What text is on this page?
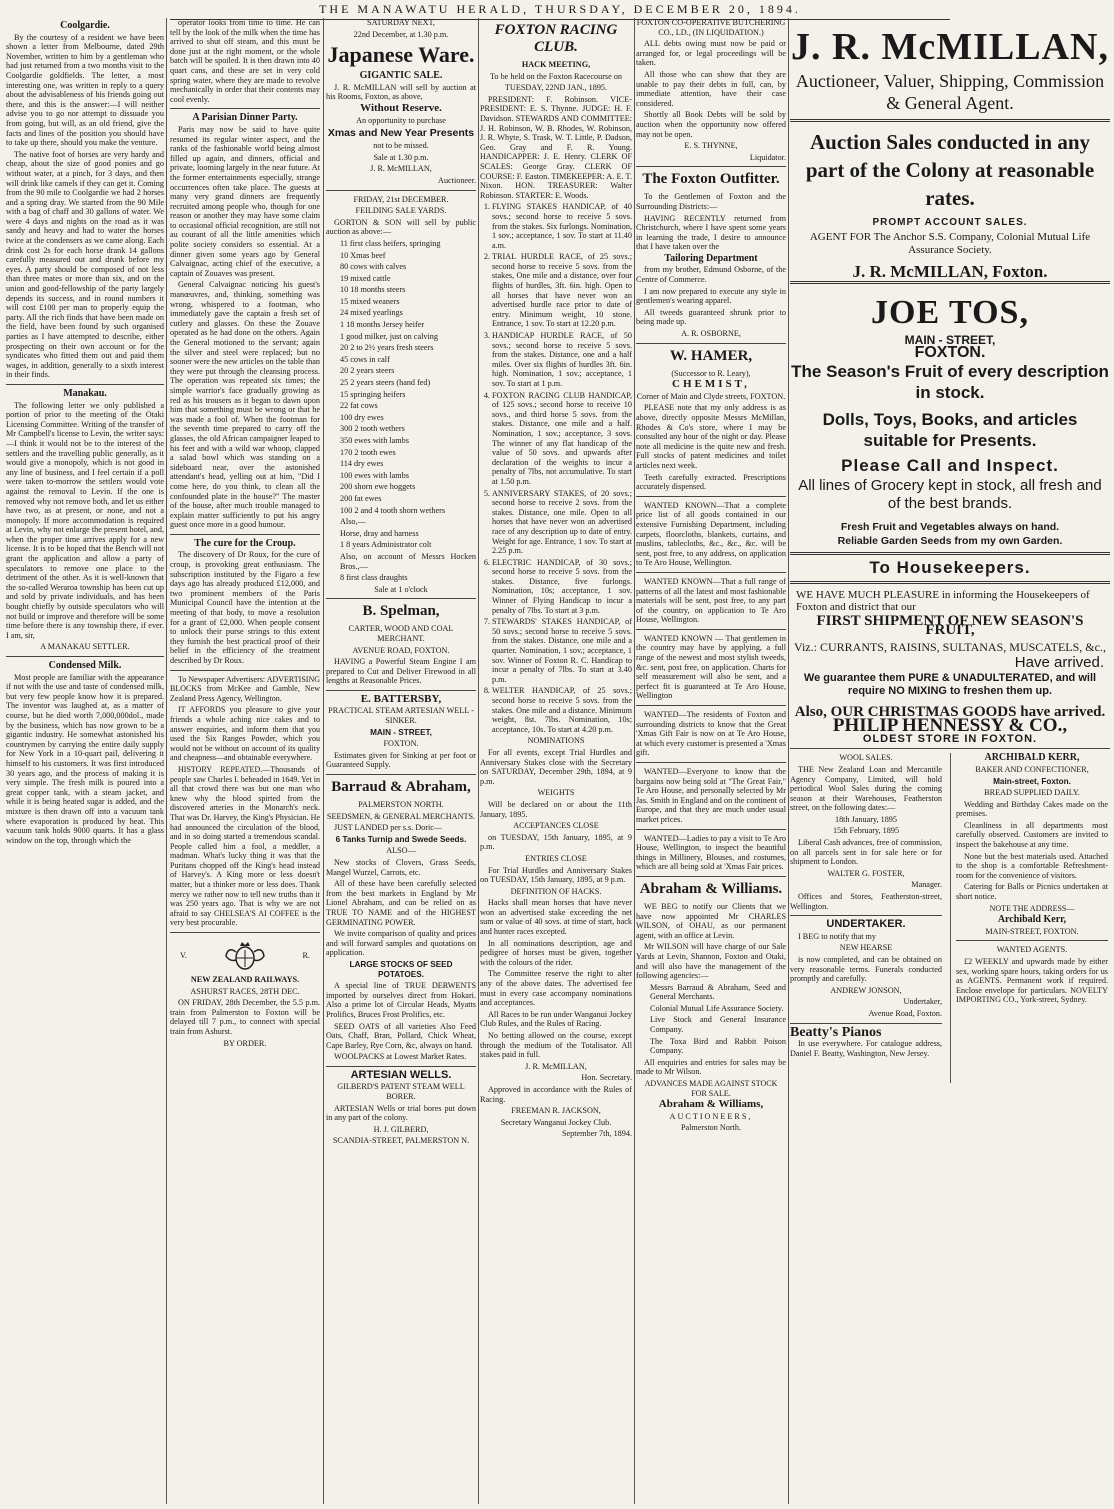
THE MANAWATU HERALD, THURSDAY, DECEMBER 20, 1894.
Coolgardie.

By the courtesy of a resident we have been shown a letter from Melbourne, dated 29th November, written to him by a gentleman who had just returned from a two months visit to the Coolgardie goldfields. The letter, a most interesting one, was written in reply to a query about the advisableness of his friends going out there, and this is the answer:—I will neither advise you to go nor attempt to dissuade you from going, but will, as an old friend, give the facts and lines of the position you should have to take up there, should you make the venture.

The native foot of horses are very hardy and cheap, about the size of good ponies and go without water, at a pinch, for 3 days, and then will drink like camels if they can get it. Coming from the 90 mile to Coolgardie we had 2 horses and a spring dray. We started from the 90 Mile with a bag of chaff and 30 gallons of water. We were 4 days and nights on the road as it was sandy and heavy and had to water the horses twice at the condensers as we came along. Each drink cost 2s for each horse drank 14 gallons carefully measured out and drunk before my eyes. A party should be composed of not less than three mates or more than six, and on the union and good-fellowship of the party largely depends its success, and in round numbers it will cost £100 per man to properly equip the party. All the rich finds that have been made on the field, have been found by such organised parties as I have attempted to describe, either prospecting on their own account or for the syndicates who fitted them out and paid them wages, in addition, generally to a sixth interest in their finds.

Manakau.

The following letter we only published a portion of prior to the meeting of the Otaki Licensing Committee. Writing of the transfer of Mr Campbell's license to Levin, the writer says:—I think it would not be to the interest of the settlers and the travelling public generally, as it would give a monopoly, which is not good in any line of business, and I feel certain if a poll were taken to-morrow the settlers would vote against the removal to Levin. If the one is removed why not remove both, and let us either have two, as at present, or none, and not a monopoly. If more accommodation is required at Levin, why not enlarge the present hotel, and, when the proper time arrives apply for a new license. It is to be hoped that the Bench will not grant the application and allow a party of speculators to remove one place to the detriment of the other. As it is well-known that the so-called Weraroa township has been cut up and sold by private individuals, and has been bought chiefly by outside speculators who will not build or improve and therefore will be some time before there is any township there, if ever. I am, sir,

A MANAKAU SETTLER.

Condensed Milk.

Most people are familiar with the appearance if not with the use and taste of condensed milk, but very few people know how it is prepared. The inventor was laughed at, as a matter of course, but he died worth 7,000,000dol., made by the business, which has now grown to be a gigantic industry. He somewhat astonished his countrymen by carrying the entire daily supply for New York in a 10-quart pail, delivering it himself to his customers. It was first introduced 30 years ago, and the process of making it is very simple. The fresh milk is poured into a great copper tank, with a steam jacket, and while it is being heated sugar is added, and the mixture is then drawn off into a vacuum tank where evaporation is produced by heat. This vacuum tank holds 9000 quarts. It has a glass window on the top, through which the

operator looks from time to time. He can tell by the look of the milk when the time has arrived to shut off steam, and this must be done just at the right moment, or the whole batch will be spoiled. It is then drawn into 40 quart cans, and these are set in very cold spring water, where they are made to revolve mechanically in order that their contents may cool evenly.

A Parisian Dinner Party.

Paris may now be said to have quite resumed its regular winter aspect, and the ranks of the fashionable world being almost filled up again, and dinners, official and private, looming largely in the near future. At the former entertainments especially, strange occurrences often take place. The guests at many very grand dinners are frequently recruited among people who, though for one reason or another they may have some claim to occasional official recognition, are still not au courant of all the little amenities which polite society considers so essential. At a dinner given some years ago by General Calvaignac, acting chief of the executive, a captain of Zouaves was present.

General Calvaignac noticing his guest's manœuvres, and, thinking, something was wrong, whispered to a footman, who immediately gave the captain a fresh set of cutlery and glasses. On these the Zouave operated as he had done on the others. Again the General motioned to the servant; again the silver and steel were replaced; but no sooner were the new articles on the table than they were put through the cleansing process. The operation was repeated six times; the simple warrior's face gradually growing as red as his trousers as it began to dawn upon him that something must be wrong or that he was made a fool of. When the footman for the seventh time prepared to carry off the glasses, the old African campaigner leaped to his feet and with a wild war whoop, clapped a salad bowl which was standing on a sideboard near, over the astonished attendant's head, yelling out at him, "Did I come here, do you think, to clean all the confounded plate in the house?" The master of the house, after much trouble managed to explain matter sufficiently to put his angry guest once more in a good humour.

The cure for the Croup.

The discovery of Dr Roux, for the cure of croup, is provoking great enthusiasm. The subscription instituted by the Figaro a few days ago has already produced £12,000, and two prominent members of the Paris Municipal Council have the intention at the meeting of that body, to move a resolution for a grant of £2,000. When people consent to unlock their purse strings to this extent they furnish the best practical proof of their belief in the efficiency of the treatment described by Dr Roux.

To Newspaper Advertisers: ADVERTISING BLOCKS from McKee and Gamble, New Zealand Press Agency, Wellington.

IT AFFORDS you pleasure to give your friends a whole aching nice cakes and to answer enquiries, and inform them that you used the Six Ranges Powder, which you would not be without on account of its quality and cheapness—and obtainable everywhere.

HISTORY REPEATED.—Thousands of people saw Charles I. beheaded in 1649. Yet in all that crowd there was but one man who knew why the blood spirted from the discovered arteries in the Monarch's neck. That was Dr. Harvey, the King's Physician. He had announced the circulation of the blood, and in so doing started a tremendous scandal. People called him a fool, a meddler, a madman. What's lucky thing it was that the Puritans chopped off the King's head instead of Harvey's. A King more or less doesn't matter, but a thinker more or less does. Thank mercy we rather now to tell new truths than it was 250 years ago. That is why we are not afraid to say CHELSEA'S AI COFFEE is the very best procurable.

V.	R.

NEW ZEALAND RAILWAYS.

ASHURST RACES, 28TH DEC.

ON FRIDAY, 28th December, the 5.5 p.m. train from Palmerston to Foxton will be delayed till 7 p.m., to connect with special train from Ashurst.

BY ORDER.

SATURDAY NEXT,

22nd December, at 1.30 p.m.

Japanese Ware.

GIGANTIC SALE.

J. R. McMILLAN will sell by auction at his Rooms, Foxton, as above,

Without Reserve.

An opportunity to purchase

Xmas and New Year Presents

not to be missed.

Sale at 1.30 p.m.

J. R. McMILLAN,

Auctioneer.

FRIDAY, 21st DECEMBER.

FEILDING SALE YARDS.

GORTON & SON will sell by public auction as above:—

11 first class heifers, springing
10 Xmas beef
80 cows with calves
19 mixed cattle
10 18 months steers
15 mixed weaners
24 mixed yearlings
1 18 months Jersey heifer
1 good milker, just on calving
20 2 to 2½ years fresh steers
45 cows in calf
20 2 years steers
25 2 years steers (hand fed)
15 springing heifers
22 fat cows
100 dry ewes
300 2 tooth wethers
350 ewes with lambs
170 2 tooth ewes
114 dry ewes
100 ewes with lambs
200 shorn ewe hoggets
200 fat ewes
100 2 and 4 tooth shorn wethers
Also,—
Horse, dray and harness
1 8 years Administrator colt
Also, on account of Messrs Hocken Bros.,—
8 first class draughts

Sale at 1 o'clock

B. Spelman,

CARTER, WOOD AND COAL MERCHANT.

AVENUE ROAD, FOXTON.

HAVING a Powerful Steam Engine I am prepared to Cut and Deliver Firewood in all lengths at Reasonable Prices.

E. BATTERSBY,

PRACTICAL STEAM ARTESIAN WELL - SINKER.

MAIN - STREET,

FOXTON.

Estimates given for Sinking at per foot or Guaranteed Supply.

Barraud & Abraham,

PALMERSTON NORTH.

SEEDSMEN, & GENERAL MERCHANTS.

JUST LANDED per s.s. Doric—

6 Tanks Turnip and Swede Seeds.

ALSO—

New stocks of Clovers, Grass Seeds, Mangel Wurzel, Carrots, etc.

All of these have been carefully selected from the best markets in England by Mr Lionel Abraham, and can be relied on as TRUE TO NAME and of the HIGHEST GERMINATING POWER.

We invite comparison of quality and prices and will forward samples and quotations on application.

LARGE STOCKS OF SEED POTATOES.

A special line of TRUE DERWENTS imported by ourselves direct from Hokari. Also a prime lot of Circular Heads, Myatts Prolifics, Bruces Frost Prolifics, etc.

SEED OATS of all varieties Also Feed Oats, Chaff, Bran, Pollard, Chick Wheat, Cape Barley, Rye Corn, &c, always on hand.

WOOLPACKS at Lowest Market Rates.

ARTESIAN WELLS.

GILBERD'S PATENT STEAM WELL BORER.

ARTESIAN Wells or trial bores put down in any part of the colony.

H. J. GILBERD,

SCANDIA-STREET, PALMERSTON N.

FOXTON RACING CLUB.

HACK MEETING,

To be held on the Foxton Racecourse on

TUESDAY, 22ND JAN., 1895.

PRESIDENT: F. Robinson. VICE-PRESIDENT: E. S. Thynne. JUDGE: H. F. Davidson. STEWARDS AND COMMITTEE: J. H. Robinson, W. B. Rhodes, W. Robinson, J. R. Whyte, S. Trask, W. T. Little, P. Dadson, Geo. Gray and F. R. Young. HANDICAPPER: J. E. Henry. CLERK OF SCALES: George Gray. CLERK OF COURSE: F. Easton. TIMEKEEPER: A. E. T. Nixon. HON. TREASURER: Walter Robinson. STARTER: E. Woods.

1. FLYING STAKES HANDICAP, of 40 sovs.; second horse to receive 5 sovs. from the stakes. Six furlongs. Nomination, 1 sov.; acceptance, 1 sov. To start at 11.40 a.m.
2. TRIAL HURDLE RACE, of 25 sovs.; second horse to receive 5 sovs. from the stakes, One mile and a distance, over four flights of hurdles, 3ft. 6in. high. Open to all horses that have never won an advertised hurdle race prior to date of entry. Minimum weight, 10 stone. Entrance, 1 sov. To start at 12.20 p.m.
3. HANDICAP HURDLE RACE, of 50 sovs.; second horse to receive 5 sovs. from the stakes. Distance, one and a half miles. Over six flights of hurdles 3ft. 6in. high. Nomination, 1 sov.; acceptance, 1 sov. To start at 1 p.m.
4. FOXTON RACING CLUB HANDICAP, of 125 sovs.; second horse to receive 10 sovs., and third horse 5 sovs. from the stakes. Distance, one mile and a half. Nomination, 1 sov.; acceptance, 3 sovs. The winner of any flat handicap of the value of 50 sovs. and upwards after declaration of the weights to incur a penalty of 7lbs, not accumulative. To start at 1.50 p.m.
5. ANNIVERSARY STAKES, of 20 sovs.; second horse to receive 2 sovs. from the stakes. Distance, one mile. Open to all horses that have never won an advertised race of any description up to date of entry. Weight for age. Entrance, 1 sov. To start at 2.25 p.m.
6. ELECTRIC HANDICAP, of 30 sovs.; second horse to receive 5 sovs. from the stakes. Distance, five furlongs. Nomination, 10s; acceptance, 1 sov. Winner of Flying Handicap to incur a penalty of 7lbs. To start at 3 p.m.
7. STEWARDS' STAKES HANDICAP, of 50 sovs.; second horse to receive 5 sovs. from the stakes. Distance, one mile and a quarter. Nomination, 1 sov.; acceptance, 1 sov. Winner of Foxton R. C. Handicap to incur a penalty of 7lbs. To start at 3.40 p.m.
8. WELTER HANDICAP, of 25 sovs.; second horse to receive 5 sovs. from the stakes. One mile and a distance. Minimum weight, 8st. 7lbs. Nomination, 10s; acceptance, 10s. To start at 4.20 p.m.

NOMINATIONS

For all events, except Trial Hurdles and Anniversary Stakes close with the Secretary on SATURDAY, December 29th, 1894, at 9 p.m.

WEIGHTS

Will be declared on or about the 11th January, 1895.

ACCEPTANCES CLOSE

on TUESDAY, 15th January, 1895, at 9 p.m.

ENTRIES CLOSE

For Trial Hurdles and Anniversary Stakes on TUESDAY, 15th January, 1895, at 9 p.m.

DEFINITION OF HACKS.

Hacks shall mean horses that have never won an advertised stake exceeding the net sum or value of 40 sovs. at time of start, hack and hunter races excepted.

In all nominations description, age and pedigree of horses must be given, together with the colours of the rider.

The Committee reserve the right to alter any of the above dates. The advertised fee must in every case accompany nominations and acceptances.

All Races to be run under Wanganui Jockey Club Rules, and the Rules of Racing.

No betting allowed on the course, except through the medium of the Totalisator. All stakes paid in full.

J. R. McMILLAN,

Hon. Secretary.

Approved in accordance with the Rules of Racing.

FREEMAN R. JACKSON,

Secretary Wanganui Jockey Club.

September 7th, 1894.

FOXTON CO-OPERATIVE BUTCHERING CO., LD., (IN LIQUIDATION.)

ALL debts owing must now be paid or arranged for, or legal proceedings will be taken.

All those who can show that they are unable to pay their debts in full, can, by immediate attention, have their case considered.

Shortly all Book Debts will be sold by auction when the opportunity now offered may not be open.

E. S. THYNNE,

Liquidator.

The Foxton Outfitter.

To the Gentlemen of Foxton and the Surrounding Districts:—

HAVING RECENTLY returned from Christchurch, where I have spent some years in learning the trade, I desire to announce that I have taken over the

Tailoring Department

from my brother, Edmund Osborne, of the Centre of Commerce.

I am now prepared to execute any style in gentlemen's wearing apparel.

All tweeds guaranteed shrunk prior to being made up.

A. R. OSBORNE,

W. HAMER,

(Successor to R. Leary),

CHEMIST,

Corner of Main and Clyde streets, FOXTON.

PLEASE note that my only address is as above, directly opposite Messrs McMillan, Rhodes & Co's store, where I may be consulted any hour of the night or day. Please note all medicine is the quite new and fresh. Full stocks of patent medicines and toilet articles next week.

Teeth carefully extracted. Prescriptions accurately dispensed.

WANTED KNOWN—That a complete price list of all goods contained in our extensive Furnishing Department, including carpets, floorcloths, blankets, curtains, and muslins, tablecloths, &c., &c., &c. will be sent, post free, to any address, on application to Te Aro House, Wellington.

WANTED KNOWN—That a full range of patterns of all the latest and most fashionable materials will be sent, post free, to any part of the country, on application to Te Aro House, Wellington.

WANTED KNOWN — That gentlemen in the country may have by applying, a full range of the newest and most stylish tweeds, &c. sent, post free, on application. Charts for self measurement will also be sent, and a perfect fit is guaranteed at Te Aro House, Wellington

WANTED—The residents of Foxton and surrounding districts to know that the Great 'Xmas Gift Fair is now on at Te Aro House, at which every customer is presented a 'Xmas gift.

WANTED—Everyone to know that the bargains now being sold at "The Great Fair," Te Aro House, and personally selected by Mr Jas. Smith in England and on the continent of Europe, and that they are much under usual market prices.

WANTED—Ladies to pay a visit to Te Aro House, Wellington, to inspect the beautiful things in Millinery, Blouses, and costumes, which are all being sold at 'Xmas Fair prices.

Abraham & Williams.

WE BEG to notify our Clients that we have now appointed Mr CHARLES WILSON, of OHAU, as our permanent agent, with an office at Levin.

Mr WILSON will have charge of our Sale Yards at Levin, Shannon, Foxton and Otaki, and will also have the management of the following agencies:—

Messrs Barraud & Abraham, Seed and General Merchants.
Colonial Mutual Life Assurance Society.
Live Stock and General Insurance Company.
The Toxa Bird and Rabbit Poison Company.

All enquiries and entries for sales may be made to Mr Wilson.

ADVANCES MADE AGAINST STOCK FOR SALE.

Abraham & Williams,

AUCTIONEERS,

Palmerston North.

J. R. McMILLAN,
Auctioneer, Valuer, Shipping, Commission & General Agent.
Auction Sales conducted in any part of the Colony at reasonable rates.
PROMPT ACCOUNT SALES.
AGENT FOR The Anchor S.S. Company, Colonial Mutual Life Assurance Society.
J. R. McMILLAN, Foxton.
JOE TOS,
MAIN - STREET,
FOXTON.
The Season's Fruit of every description in stock.
Dolls, Toys, Books, and articles suitable for Presents.
Please Call and Inspect.
All lines of Grocery kept in stock, all fresh and of the best brands.
Fresh Fruit and Vegetables always on hand.
Reliable Garden Seeds from my own Garden.
To Housekeepers.
WE HAVE MUCH PLEASURE in informing the Housekeepers of Foxton and district that our
FIRST SHIPMENT OF NEW SEASON'S FRUIT,
Viz.: CURRANTS, RAISINS, SULTANAS, MUSCATELS, &c.,
Have arrived.
We guarantee them PURE & UNADULTERATED, and will require NO MIXING to freshen them up.
Also, OUR CHRISTMAS GOODS have arrived.
PHILIP HENNESSY & CO.,
OLDEST STORE IN FOXTON.

WOOL SALES.

THE New Zealand Loan and Mercantile Agency Company, Limited, will hold periodical Wool Sales during the coming season at their Warehouses, Featherston street, on the following dates:—

18th January, 1895

15th February, 1895

Liberal Cash advances, free of commission, on all parcels sent in for sale here or for shipment to London.

WALTER G. FOSTER,

Manager.

Offices and Stores, Featherston-street, Wellington.

UNDERTAKER.

I BEG to notify that my

NEW HEARSE

is now completed, and can be obtained on very reasonable terms. Funerals conducted promptly and carefully.

ANDREW JONSON,

Undertaker,

Avenue Road, Foxton.

Beatty's Pianos

In use everywhere. For catalogue address, Daniel F. Beatty, Washington, New Jersey.

ARCHIBALD KERR,

BAKER AND CONFECTIONER,

Main-street, Foxton.

BREAD SUPPLIED DAILY.

Wedding and Birthday Cakes made on the premises.

Cleanliness in all departments most carefully observed. Customers are invited to inspect the bakehouse at any time.

None but the best materials used. Attached to the shop is a comfortable Refreshment-room for the convenience of visitors.

Catering for Balls or Picnics undertaken at short notice.

NOTE THE ADDRESS—

Archibald Kerr,

MAIN-STREET, FOXTON.

WANTED AGENTS.

£2 WEEKLY and upwards made by either sex, working spare hours, taking orders for us as AGENTS. Permanent work if required. Enclose envelope for particulars. NOVELTY IMPORTING CO., York-street, Sydney.
